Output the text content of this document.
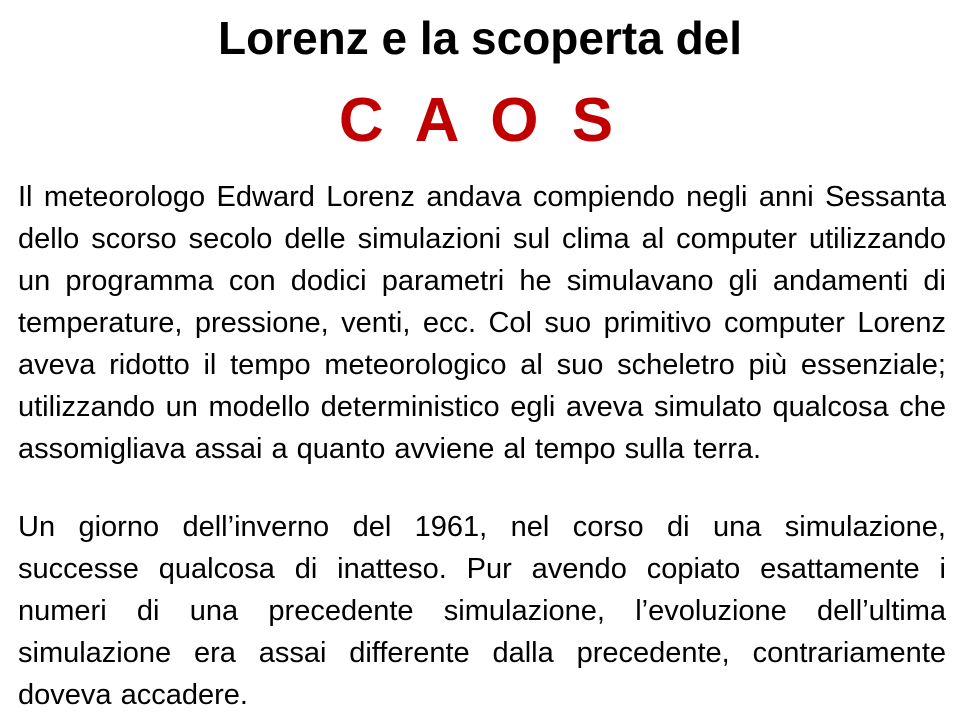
Lorenz e la scoperta del
C A O S
Il meteorologo Edward Lorenz andava compiendo negli anni Sessanta dello scorso secolo delle simulazioni sul clima al computer utilizzando un programma con dodici parametri he simulavano gli andamenti di temperature, pressione, venti, ecc. Col suo primitivo computer Lorenz aveva ridotto il tempo meteorologico al suo scheletro più essenziale; utilizzando un modello deterministico egli aveva simulato qualcosa che assomigliava assai a quanto avviene al tempo sulla terra.
Un giorno dell’inverno del 1961, nel corso di una simulazione, successe qualcosa di inatteso. Pur avendo copiato esattamente i numeri di una precedente simulazione, l’evoluzione dell’ultima simulazione era assai differente dalla precedente, contrariamente doveva accadere.
